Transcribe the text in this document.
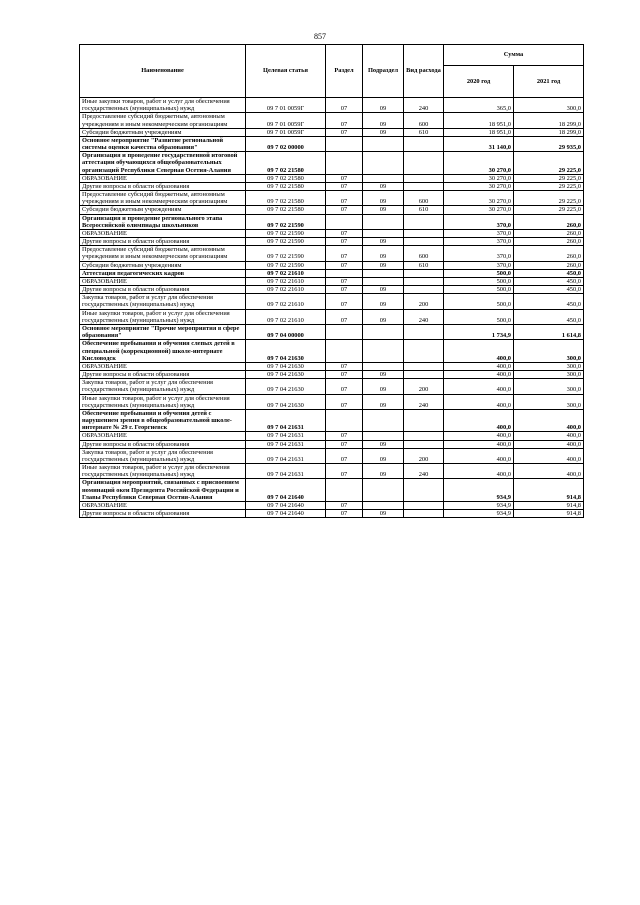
857
Наименование	Целевая статья	Раздел	Подраздел	Вид расхода	Сумма	
					2020 год	2021 год
Иные закупки товаров, работ и услуг для обеспечения государственных (муниципальных) нужд	09 7 01 0059Г	07	09	240	365,0	300,0
Предоставление субсидий бюджетным, автономным учреждениям и иным некоммерческим организациям	09 7 01 0059Г	07	09	600	18 951,0	18 299,0
Субсидии бюджетным учреждениям	09 7 01 0059Г	07	09	610	18 951,0	18 299,0
Основное мероприятие "Развитие региональной системы оценки качества образования"	09 7 02 00000				31 140,0	29 935,0
Организация и проведение государственной итоговой аттестации обучающихся общеобразовательных организаций Республики Северная Осетия-Алания	09 7 02 21580				30 270,0	29 225,0
ОБРАЗОВАНИЕ	09 7 02 21580	07			30 270,0	29 225,0
Другие вопросы в области образования	09 7 02 21580	07	09		30 270,0	29 225,0
Предоставление субсидий бюджетным, автономным учреждениям и иным некоммерческим организациям	09 7 02 21580	07	09	600	30 270,0	29 225,0
Субсидии бюджетным учреждениям	09 7 02 21580	07	09	610	30 270,0	29 225,0
Организация и проведение регионального этапа Всероссийской олимпиады школьников	09 7 02 21590				370,0	260,0
ОБРАЗОВАНИЕ	09 7 02 21590	07			370,0	260,0
Другие вопросы в области образования	09 7 02 21590	07	09		370,0	260,0
Предоставление субсидий бюджетным, автономным учреждениям и иным некоммерческим организациям	09 7 02 21590	07	09	600	370,0	260,0
Субсидии бюджетным учреждениям	09 7 02 21590	07	09	610	370,0	260,0
Аттестация педагогических кадров	09 7 02 21610				500,0	450,0
ОБРАЗОВАНИЕ	09 7 02 21610	07			500,0	450,0
Другие вопросы в области образования	09 7 02 21610	07	09		500,0	450,0
Закупка товаров, работ и услуг для обеспечения государственных (муниципальных) нужд	09 7 02 21610	07	09	200	500,0	450,0
Иные закупки товаров, работ и услуг для обеспечения государственных (муниципальных) нужд	09 7 02 21610	07	09	240	500,0	450,0
Основное мероприятие "Прочие мероприятия в сфере образования"	09 7 04 00000				1 734,9	1 614,8
Обеспечение пребывания и обучения слепых детей в специальной (коррекционной) школе-интернате Кисловодск	09 7 04 21630				400,0	300,0
ОБРАЗОВАНИЕ	09 7 04 21630	07			400,0	300,0
Другие вопросы в области образования	09 7 04 21630	07	09		400,0	300,0
Закупка товаров, работ и услуг для обеспечения государственных (муниципальных) нужд	09 7 04 21630	07	09	200	400,0	300,0
Иные закупки товаров, работ и услуг для обеспечения государственных (муниципальных) нужд	09 7 04 21630	07	09	240	400,0	300,0
Обеспечение пребывания и обучения детей с нарушением зрения в общеобразовательной школе-интернате № 29 г. Георгиевск	09 7 04 21631				400,0	400,0
ОБРАЗОВАНИЕ	09 7 04 21631	07			400,0	400,0
Другие вопросы в области образования	09 7 04 21631	07	09		400,0	400,0
Закупка товаров, работ и услуг для обеспечения государственных (муниципальных) нужд	09 7 04 21631	07	09	200	400,0	400,0
Иные закупки товаров, работ и услуг для обеспечения государственных (муниципальных) нужд	09 7 04 21631	07	09	240	400,0	400,0
Организация мероприятий, связанных с присвоением номинаций океи Президента Российской Федерации и Главы Республики Северная Осетия-Алания	09 7 04 21640				934,9	914,8
ОБРАЗОВАНИЕ	09 7 04 21640	07			934,9	914,8
Другие вопросы в области образования	09 7 04 21640	07	09		934,9	914,8
